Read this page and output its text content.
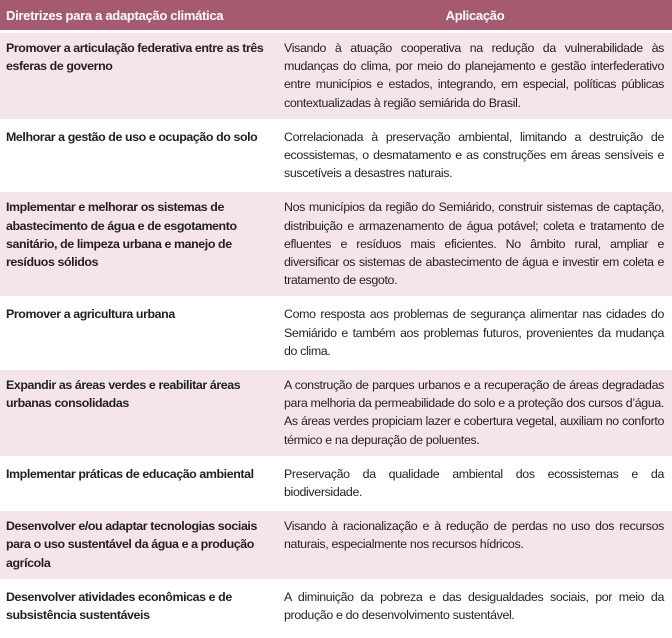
Diretrizes para a adaptação climática	Aplicação
Promover a articulação federativa entre as três esferas de governo	Visando à atuação cooperativa na redução da vulnerabilidade às mudanças do clima, por meio do planejamento e gestão interfederativo entre municípios e estados, integrando, em especial, políticas públicas contextualizadas à região semiárida do Brasil.
Melhorar a gestão de uso e ocupação do solo	Correlacionada à preservação ambiental, limitando a destruição de ecossistemas, o desmatamento e as construções em áreas sensíveis e suscetíveis a desastres naturais.
Implementar e melhorar os sistemas de abastecimento de água e de esgotamento sanitário, de limpeza urbana e manejo de resíduos sólidos	Nos municípios da região do Semiárido, construir sistemas de captação, distribuição e armazenamento de água potável; coleta e tratamento de efluentes e resíduos mais eficientes. No âmbito rural, ampliar e diversificar os sistemas de abastecimento de água e investir em coleta e tratamento de esgoto.
Promover a agricultura urbana	Como resposta aos problemas de segurança alimentar nas cidades do Semiárido e também aos problemas futuros, provenientes da mudança do clima.
Expandir as áreas verdes e reabilitar áreas urbanas consolidadas	A construção de parques urbanos e a recuperação de áreas degradadas para melhoria da permeabilidade do solo e a proteção dos cursos d’água. As áreas verdes propiciam lazer e cobertura vegetal, auxiliam no conforto térmico e na depuração de poluentes.
Implementar práticas de educação ambiental	Preservação da qualidade ambiental dos ecossistemas e da biodiversidade.
Desenvolver e/ou adaptar tecnologias sociais para o uso sustentável da água e a produção agrícola	Visando à racionalização e à redução de perdas no uso dos recursos naturais, especialmente nos recursos hídricos.
Desenvolver atividades econômicas e de subsistência sustentáveis	A diminuição da pobreza e das desigualdades sociais, por meio da produção e do desenvolvimento sustentável.
